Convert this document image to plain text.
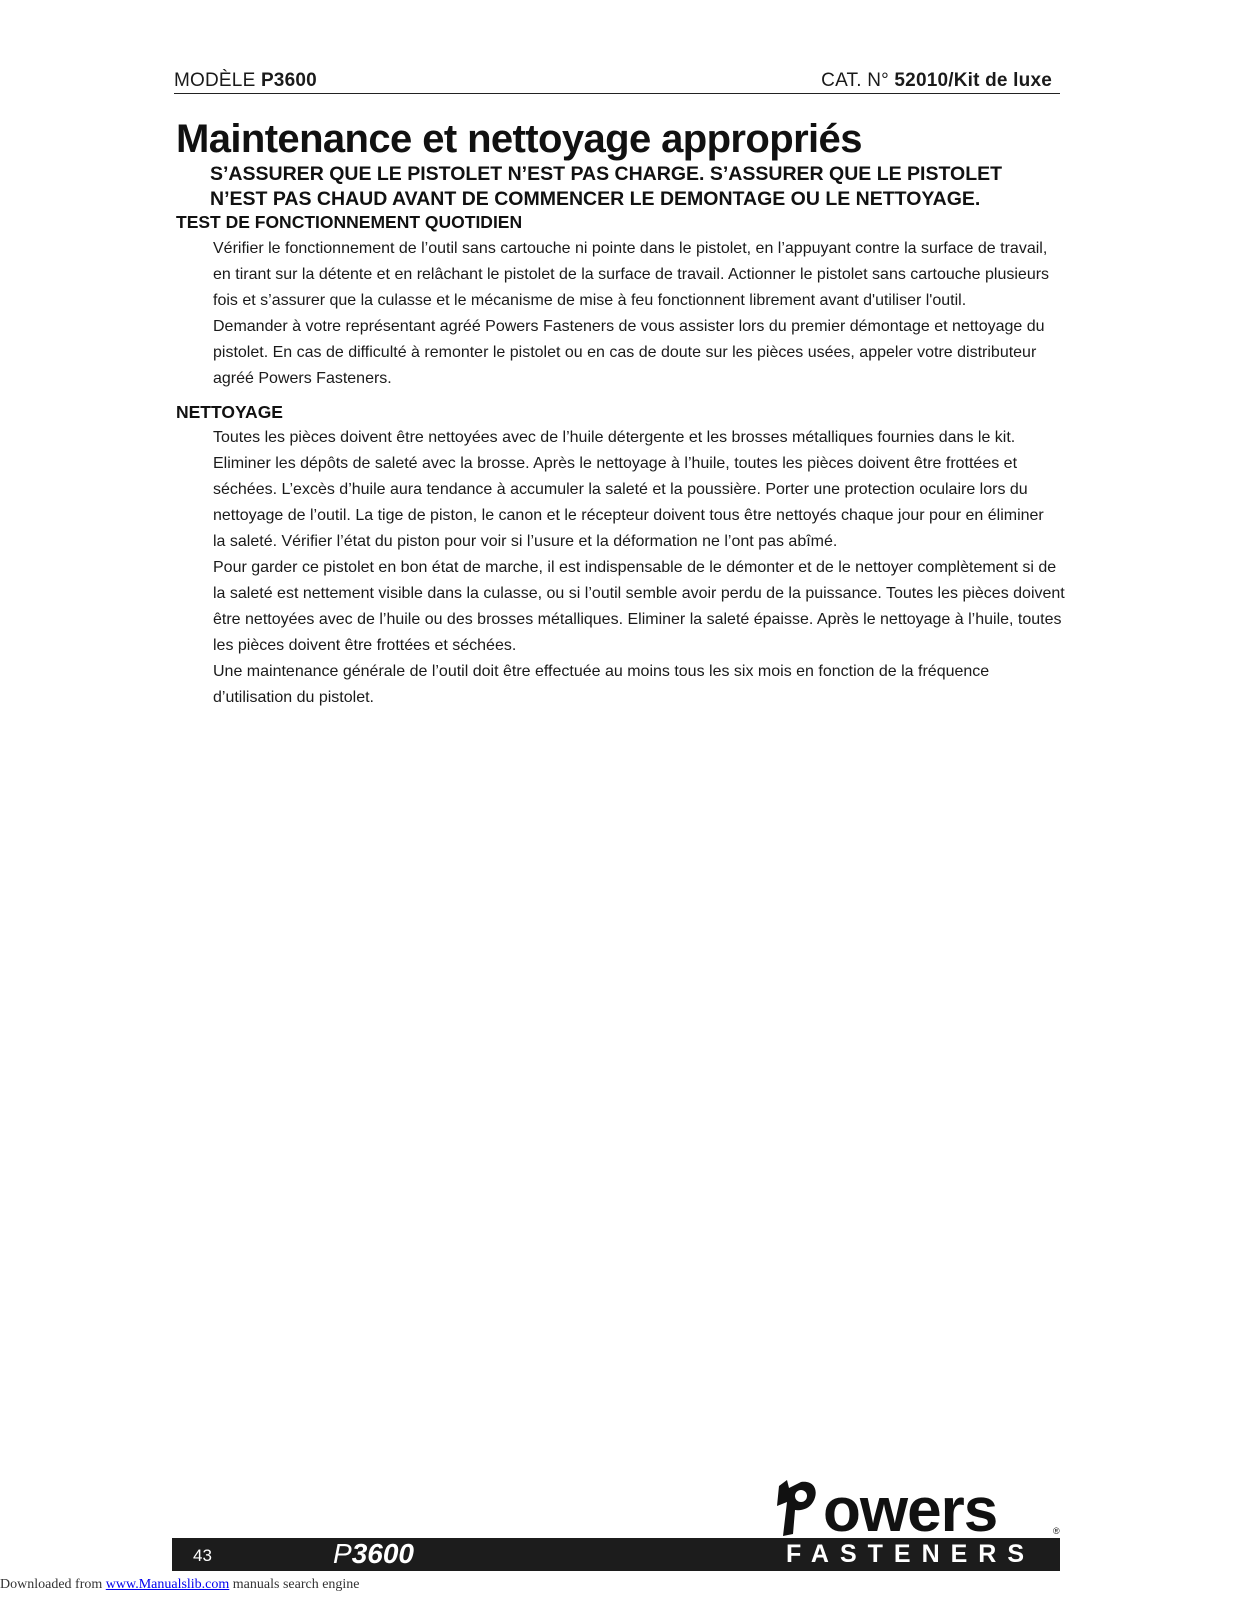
MODÈLE P3600	CAT. N° 52010/Kit de luxe
Maintenance et nettoyage appropriés

S’ASSURER QUE LE PISTOLET N’EST PAS CHARGE. S’ASSURER QUE LE PISTOLET
N’EST PAS CHAUD AVANT DE COMMENCER LE DEMONTAGE OU LE NETTOYAGE.

TEST DE FONCTIONNEMENT QUOTIDIEN

Vérifier le fonctionnement de l’outil sans cartouche ni pointe dans le pistolet, en l’appuyant contre la surface de travail,
en tirant sur la détente et en relâchant le pistolet de la surface de travail. Actionner le pistolet sans cartouche plusieurs
fois et s’assurer que la culasse et le mécanisme de mise à feu fonctionnent librement avant d'utiliser l'outil.
Demander à votre représentant agréé Powers Fasteners de vous assister lors du premier démontage et nettoyage du
pistolet. En cas de difficulté à remonter le pistolet ou en cas de doute sur les pièces usées, appeler votre distributeur
agréé Powers Fasteners.

NETTOYAGE

Toutes les pièces doivent être nettoyées avec de l’huile détergente et les brosses métalliques fournies dans le kit.
Eliminer les dépôts de saleté avec la brosse. Après le nettoyage à l’huile, toutes les pièces doivent être frottées et
séchées. L’excès d’huile aura tendance à accumuler la saleté et la poussière. Porter une protection oculaire lors du
nettoyage de l’outil. La tige de piston, le canon et le récepteur doivent tous être nettoyés chaque jour pour en éliminer
la saleté. Vérifier l’état du piston pour voir si l’usure et la déformation ne l’ont pas abîmé.
Pour garder ce pistolet en bon état de marche, il est indispensable de le démonter et de le nettoyer complètement si de
la saleté est nettement visible dans la culasse, ou si l’outil semble avoir perdu de la puissance. Toutes les pièces doivent
être nettoyées avec de l’huile ou des brosses métalliques. Eliminer la saleté épaisse. Après le nettoyage à l’huile, toutes
les pièces doivent être frottées et séchées.
Une maintenance générale de l’outil doit être effectuée au moins tous les six mois en fonction de la fréquence
d’utilisation du pistolet.

43	P3600
owers	®
FASTENERS
Downloaded from www.Manualslib.com manuals search engine
